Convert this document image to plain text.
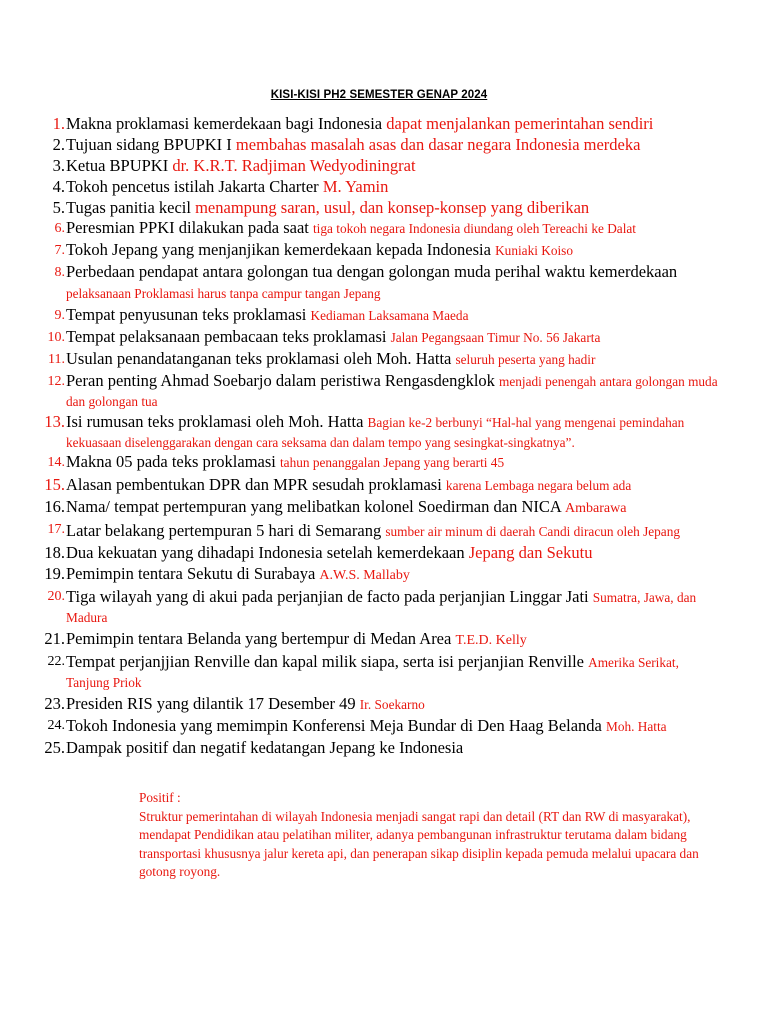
KISI-KISI PH2 SEMESTER GENAP 2024
1. Makna proklamasi kemerdekaan bagi Indonesia dapat menjalankan pemerintahan sendiri
2. Tujuan sidang BPUPKI I membahas masalah asas dan dasar negara Indonesia merdeka
3. Ketua BPUPKI dr. K.R.T. Radjiman Wedyodiningrat
4. Tokoh pencetus istilah Jakarta Charter M. Yamin
5. Tugas panitia kecil menampung saran, usul, dan konsep-konsep yang diberikan
6. Peresmian PPKI dilakukan pada saat tiga tokoh negara Indonesia diundang oleh Tereachi ke Dalat
7. Tokoh Jepang yang menjanjikan kemerdekaan kepada Indonesia Kuniaki Koiso
8. Perbedaan pendapat antara golongan tua dengan golongan muda perihal waktu kemerdekaan pelaksanaan Proklamasi harus tanpa campur tangan Jepang
9. Tempat penyusunan teks proklamasi Kediaman Laksamana Maeda
10. Tempat pelaksanaan pembacaan teks proklamasi Jalan Pegangsaan Timur No. 56 Jakarta
11. Usulan penandatanganan teks proklamasi oleh Moh. Hatta seluruh peserta yang hadir
12. Peran penting Ahmad Soebarjo dalam peristiwa Rengasdengklok menjadi penengah antara golongan muda dan golongan tua
13. Isi rumusan teks proklamasi oleh Moh. Hatta Bagian ke-2 berbunyi “Hal-hal yang mengenai pemindahan kekuasaan diselenggarakan dengan cara seksama dan dalam tempo yang sesingkat-singkatnya”.
14. Makna 05 pada teks proklamasi tahun penanggalan Jepang yang berarti 45
15. Alasan pembentukan DPR dan MPR sesudah proklamasi karena Lembaga negara belum ada
16. Nama/ tempat pertempuran yang melibatkan kolonel Soedirman dan NICA Ambarawa
17. Latar belakang pertempuran 5 hari di Semarang sumber air minum di daerah Candi diracun oleh Jepang
18. Dua kekuatan yang dihadapi Indonesia setelah kemerdekaan Jepang dan Sekutu
19. Pemimpin tentara Sekutu di Surabaya A.W.S. Mallaby
20. Tiga wilayah yang di akui pada perjanjian de facto pada perjanjian Linggar Jati Sumatra, Jawa, dan Madura
21. Pemimpin tentara Belanda yang bertempur di Medan Area T.E.D. Kelly
22. Tempat perjanjjian Renville dan kapal milik siapa, serta isi perjanjian Renville Amerika Serikat, Tanjung Priok
23. Presiden RIS yang dilantik 17 Desember 49 Ir. Soekarno
24. Tokoh Indonesia yang memimpin Konferensi Meja Bundar di Den Haag Belanda Moh. Hatta
25. Dampak positif dan negatif kedatangan Jepang ke Indonesia
Positif :
Struktur pemerintahan di wilayah Indonesia menjadi sangat rapi dan detail (RT dan RW di masyarakat), mendapat Pendidikan atau pelatihan militer, adanya pembangunan infrastruktur terutama dalam bidang transportasi khususnya jalur kereta api, dan penerapan sikap disiplin kepada pemuda melalui upacara dan gotong royong.
